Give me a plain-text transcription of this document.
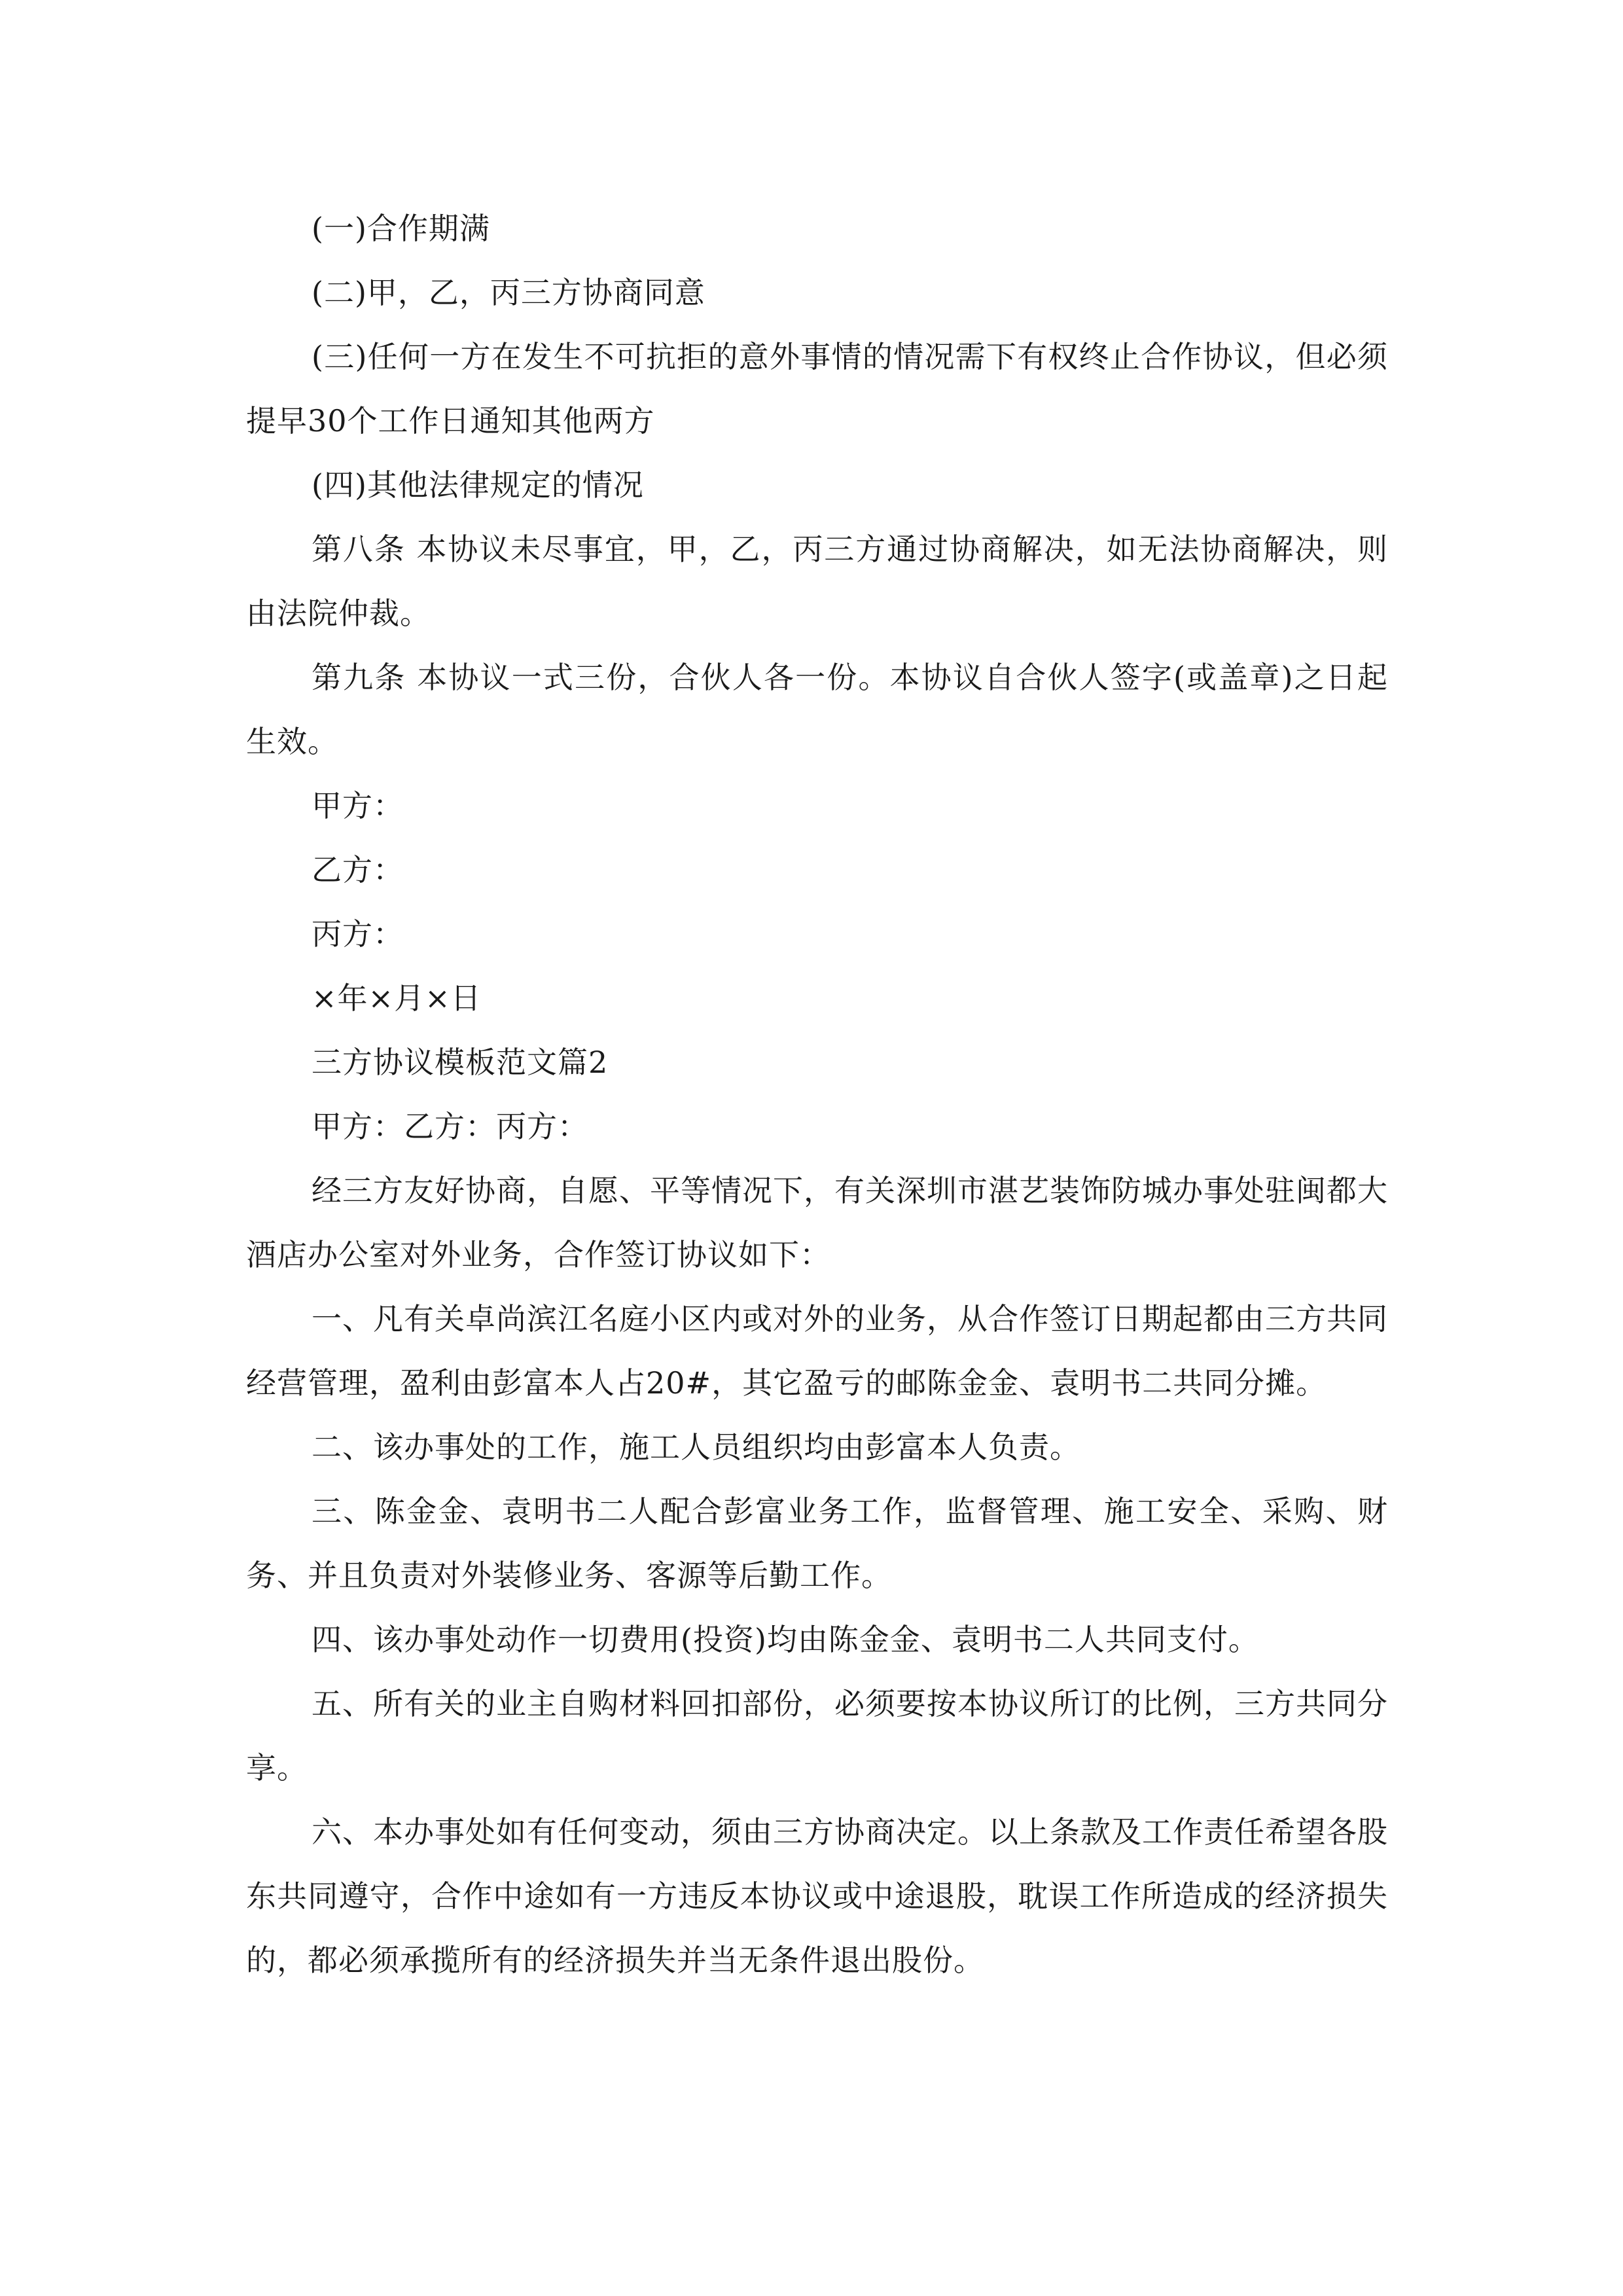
(一)合作期满

(二)甲，乙，丙三方协商同意

(三)任何一方在发生不可抗拒的意外事情的情况需下有权终止合作协议，但必须提早30个工作日通知其他两方

(四)其他法律规定的情况

第八条 本协议未尽事宜，甲，乙，丙三方通过协商解决，如无法协商解决，则由法院仲裁。

第九条 本协议一式三份，合伙人各一份。本协议自合伙人签字(或盖章)之日起生效。

甲方：

乙方：

丙方：

×年×月×日

三方协议模板范文篇2

甲方：乙方：丙方：

经三方友好协商，自愿、平等情况下，有关深圳市湛艺装饰防城办事处驻闽都大酒店办公室对外业务，合作签订协议如下：

一、凡有关卓尚滨江名庭小区内或对外的业务，从合作签订日期起都由三方共同经营管理，盈利由彭富本人占20#，其它盈亏的邮陈金金、袁明书二共同分摊。

二、该办事处的工作，施工人员组织均由彭富本人负责。

三、陈金金、袁明书二人配合彭富业务工作，监督管理、施工安全、采购、财务、并且负责对外装修业务、客源等后勤工作。

四、该办事处动作一切费用(投资)均由陈金金、袁明书二人共同支付。

五、所有关的业主自购材料回扣部份，必须要按本协议所订的比例，三方共同分享。

六、本办事处如有任何变动，须由三方协商决定。以上条款及工作责任希望各股东共同遵守，合作中途如有一方违反本协议或中途退股，耽误工作所造成的经济损失的，都必须承揽所有的经济损失并当无条件退出股份。
